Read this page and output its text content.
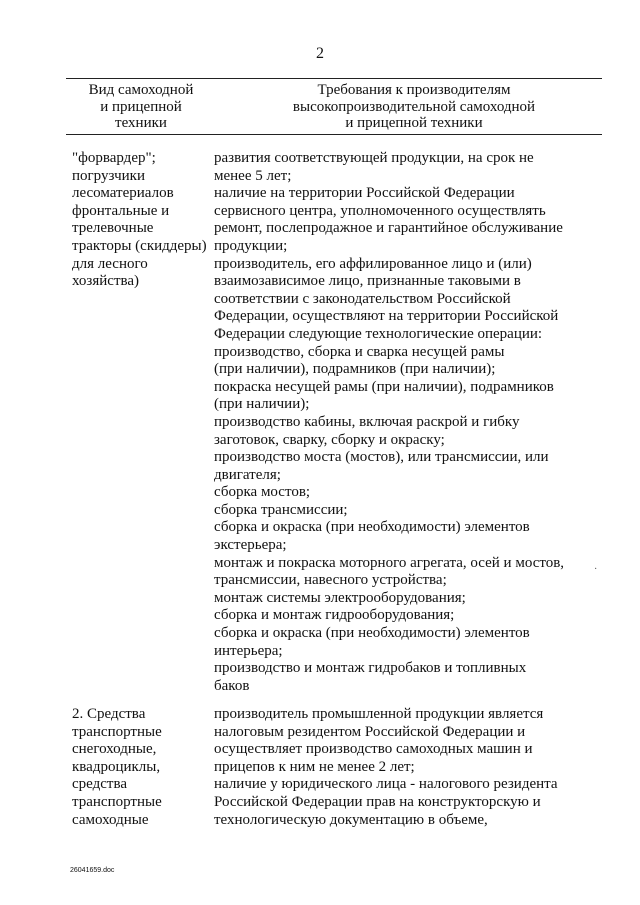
2
Вид самоходной
и прицепной
техники
Требования к производителям
высокопроизводительной самоходной
и прицепной техники
"форвардер";
погрузчики
лесоматериалов
фронтальные и
трелевочные
тракторы (скиддеры)
для лесного
хозяйства)
развития соответствующей продукции, на срок не
менее 5 лет;
наличие на территории Российской Федерации
сервисного центра, уполномоченного осуществлять
ремонт, послепродажное и гарантийное обслуживание
продукции;
производитель, его аффилированное лицо и (или)
взаимозависимое лицо, признанные таковыми в
соответствии с законодательством Российской
Федерации, осуществляют на территории Российской
Федерации следующие технологические операции:
производство, сборка и сварка несущей рамы
(при наличии), подрамников (при наличии);
покраска несущей рамы (при наличии), подрамников
(при наличии);
производство кабины, включая раскрой и гибку
заготовок, сварку, сборку и окраску;
производство моста (мостов), или трансмиссии, или
двигателя;
сборка мостов;
сборка трансмиссии;
сборка и окраска (при необходимости) элементов
экстерьера;
монтаж и покраска моторного агрегата, осей и мостов,
трансмиссии, навесного устройства;
монтаж системы электрооборудования;
сборка и монтаж гидрооборудования;
сборка и окраска (при необходимости) элементов
интерьера;
производство и монтаж гидробаков и топливных
баков
2. Средства
транспортные
снегоходные,
квадроциклы,
средства
транспортные
самоходные
производитель промышленной продукции является
налоговым резидентом Российской Федерации и
осуществляет производство самоходных машин и
прицепов к ним не менее 2 лет;
наличие у юридического лица - налогового резидента
Российской Федерации прав на конструкторскую и
технологическую документацию в объеме,
·
26041659.doc
